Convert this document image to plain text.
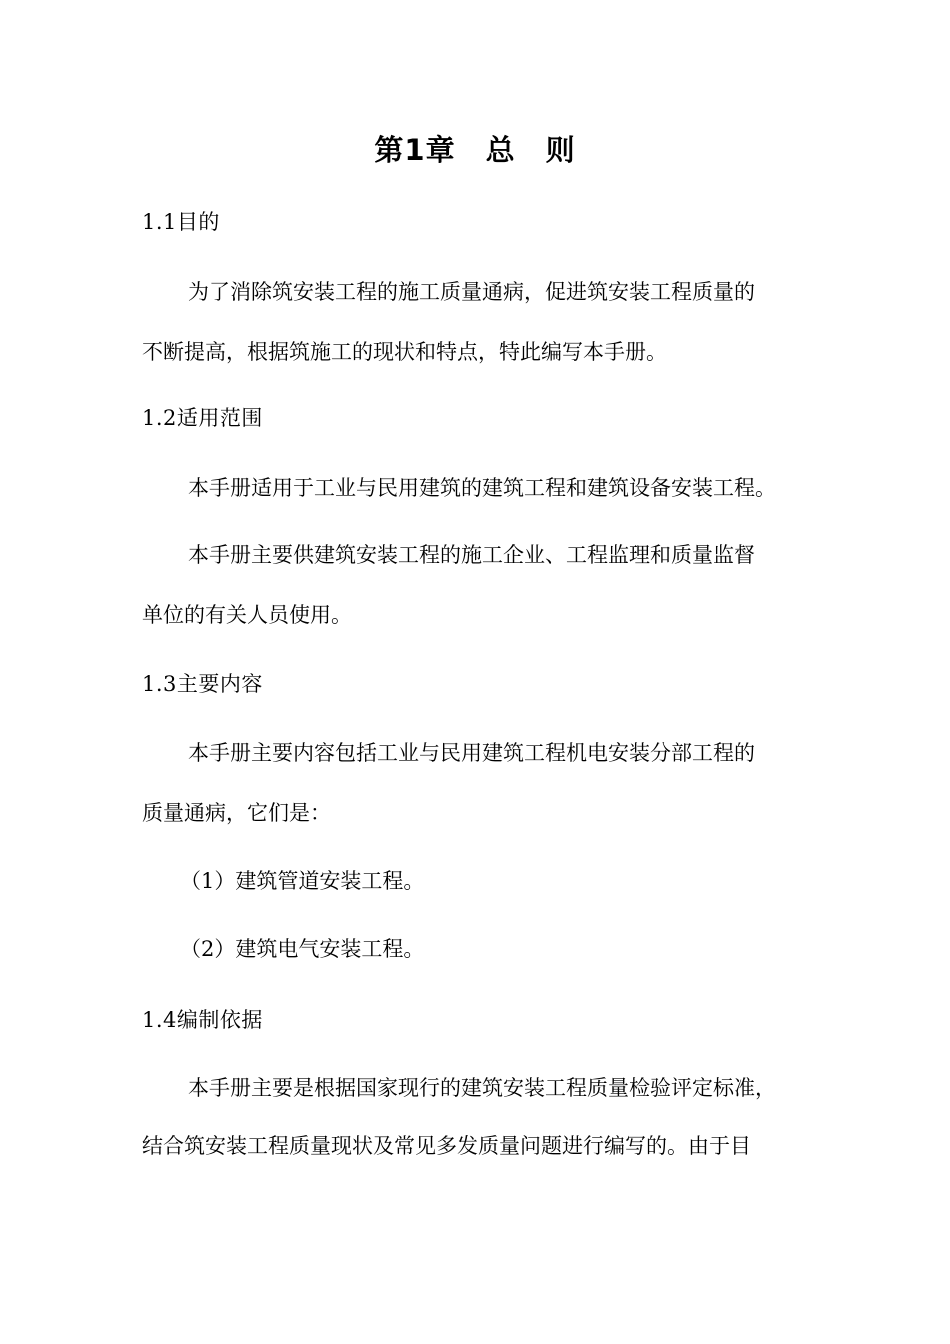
第1章 总 则
1.1目的
为了消除筑安装工程的施工质量通病，促进筑安装工程质量的
不断提高，根据筑施工的现状和特点，特此编写本手册。
1.2适用范围
本手册适用于工业与民用建筑的建筑工程和建筑设备安装工程。
本手册主要供建筑安装工程的施工企业、工程监理和质量监督
单位的有关人员使用。
1.3主要内容
本手册主要内容包括工业与民用建筑工程机电安装分部工程的
质量通病，它们是：
（1）建筑管道安装工程。
（2）建筑电气安装工程。
1.4编制依据
本手册主要是根据国家现行的建筑安装工程质量检验评定标准，
结合筑安装工程质量现状及常见多发质量问题进行编写的。由于目
